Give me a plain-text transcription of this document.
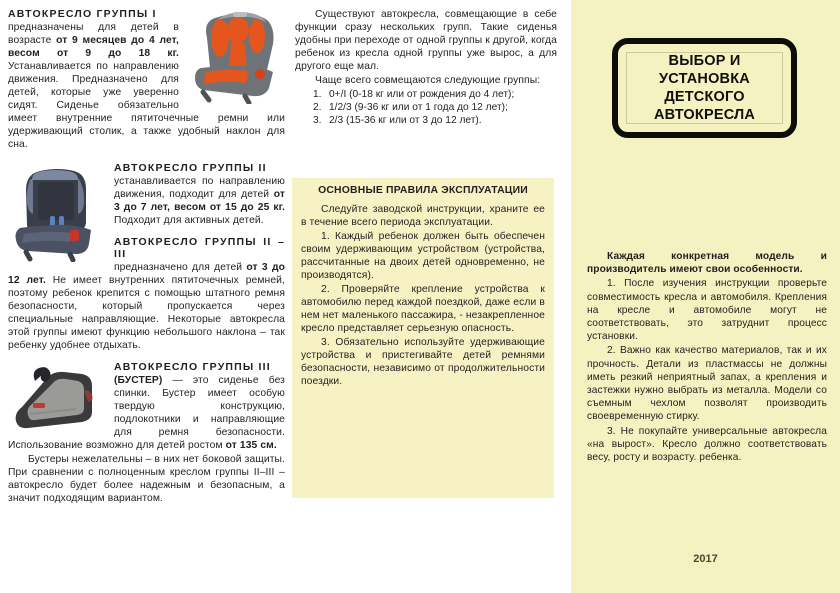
АВТОКРЕСЛО ГРУППЫ I

предназначены для детей в возрасте от 9 месяцев до 4 лет, весом от 9 до 18 кг. Устанавливается по направлению движения. Предназначено для детей, которые уже уверенно сидят. Сиденье обязательно имеет внутренние пятиточечные ремни или удерживающий столик, а также удобный наклон для сна.

АВТОКРЕСЛО ГРУППЫ II

устанавливается по направлению движения, подходит для детей от 3 до 7 лет, весом от 15 до 25 кг. Подходит для активных детей.

АВТОКРЕСЛО ГРУППЫ II – III

предназначено для детей от 3 до 12 лет. Не имеет внутренних пятиточечных ремней, поэтому ребенок крепится с помощью штатного ремня безопасности, который пропускается через специальные направляющие. Некоторые автокресла этой группы имеют функцию небольшого наклона – так ребенку удобнее отдыхать.

АВТОКРЕСЛО ГРУППЫ III

(БУСТЕР) — это сиденье без спинки. Бустер имеет особую твердую конструкцию, подлокотники и направляющие для ремня безопасности. Использование возможно для детей ростом от 135 см.

Бустеры нежелательны – в них нет боковой защиты. При сравнении с полноценным креслом группы II–III – автокресло будет более надежным и безопасным, а значит подходящим вариантом.

Существуют автокресла, совмещающие в себе функции сразу нескольких групп. Такие сиденья удобны при переходе от одной группы к другой, когда ребенок из кресла одной группы уже вырос, а для другого еще мал.

Чаще всего совмещаются следующие группы:

1. 0+/I (0-18 кг или от рождения до 4 лет);
2. 1/2/3 (9-36 кг или от 1 года до 12 лет);
3. 2/3 (15-36 кг или от 3 до 12 лет).
ОСНОВНЫЕ ПРАВИЛА ЭКСПЛУАТАЦИИ

Следуйте заводской инструкции, храните ее в течение всего периода эксплуатации.

1. Каждый ребенок должен быть обеспечен своим удерживающим устройством (устройства, рассчитанные на двоих детей одновременно, не производятся).

2. Проверяйте крепление устройства к автомобилю перед каждой поездкой, даже если в нем нет маленького пассажира, - незакрепленное кресло представляет серьезную опасность.

3. Обязательно используйте удерживающие устройства и пристегивайте детей ремнями безопасности, независимо от продолжительности поездки.

ВЫБОР И
УСТАНОВКА
ДЕТСКОГО
АВТОКРЕСЛА

Каждая конкретная модель и производитель имеют свои особенности.

1. После изучения инструкции проверьте совместимость кресла и автомобиля. Крепления на кресле и автомобиле могут не соответствовать, это затруднит процесс установки.

2. Важно как качество материалов, так и их прочность. Детали из пластмассы не должны иметь резкий неприятный запах, а крепления и застежки нужно выбрать из металла. Модели со съемным чехлом позволят производить своевременную стирку.

3. Не покупайте универсальные автокресла «на вырост». Кресло должно соответствовать весу, росту и возрасту. ребенка.

2017
